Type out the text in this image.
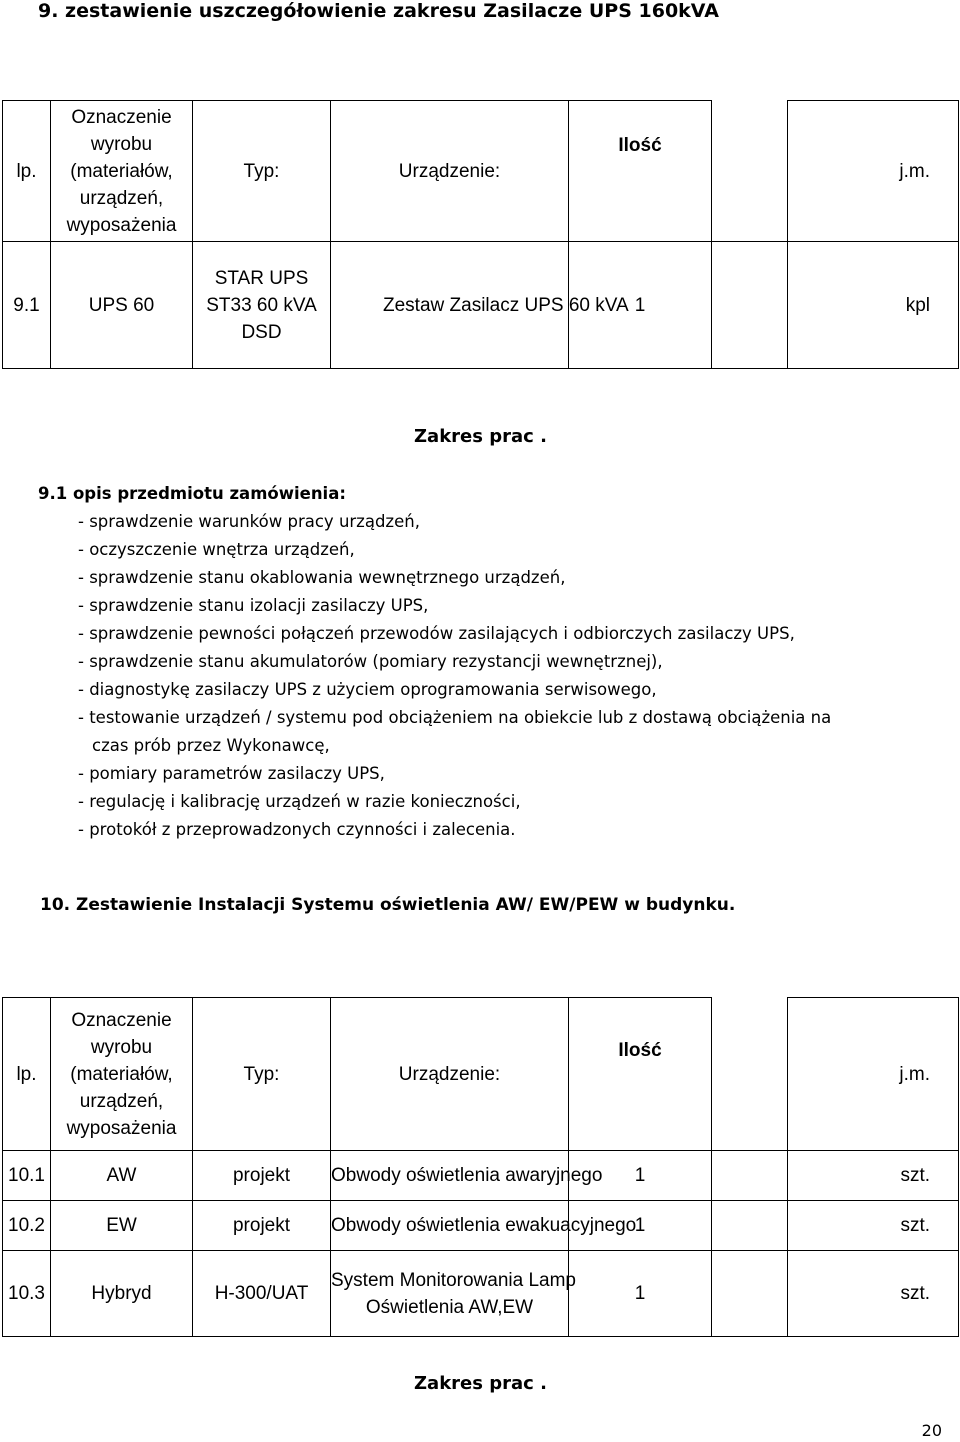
9. zestawienie uszczegółowienie zakresu Zasilacze UPS 160kVA
lp.	Oznaczenie
wyrobu
(materiałów,
urządzeń,
wyposażenia	Typ:	Urządzenie:	Ilość		j.m.
9.1	UPS 60	STAR UPS
ST33 60 kVA
DSD	Zestaw Zasilacz UPS 60 kVA	1		kpl
Zakres prac .
9.1 opis przedmiotu zamówienia:
- sprawdzenie warunków pracy urządzeń,
- oczyszczenie wnętrza urządzeń,
- sprawdzenie stanu okablowania wewnętrznego urządzeń,
- sprawdzenie stanu izolacji zasilaczy UPS,
- sprawdzenie pewności połączeń przewodów zasilających i odbiorczych zasilaczy UPS,
- sprawdzenie stanu akumulatorów (pomiary rezystancji wewnętrznej),
- diagnostykę zasilaczy UPS z użyciem oprogramowania serwisowego,
- testowanie urządzeń / systemu pod obciążeniem na obiekcie lub z dostawą obciążenia na
czas prób przez Wykonawcę,
- pomiary parametrów zasilaczy UPS,
- regulację i kalibrację urządzeń w razie konieczności,
- protokół z przeprowadzonych czynności i zalecenia.
10. Zestawienie Instalacji Systemu oświetlenia AW/ EW/PEW w budynku.
lp.	Oznaczenie
wyrobu
(materiałów,
urządzeń,
wyposażenia	Typ:	Urządzenie:	Ilość		j.m.
10.1	AW	projekt	Obwody oświetlenia awaryjnego	1		szt.
10.2	EW	projekt	Obwody oświetlenia ewakuacyjnego	1		szt.
10.3	Hybryd	H-300/UAT	System Monitorowania Lamp
Oświetlenia AW,EW	1		szt.
Zakres prac .
20
